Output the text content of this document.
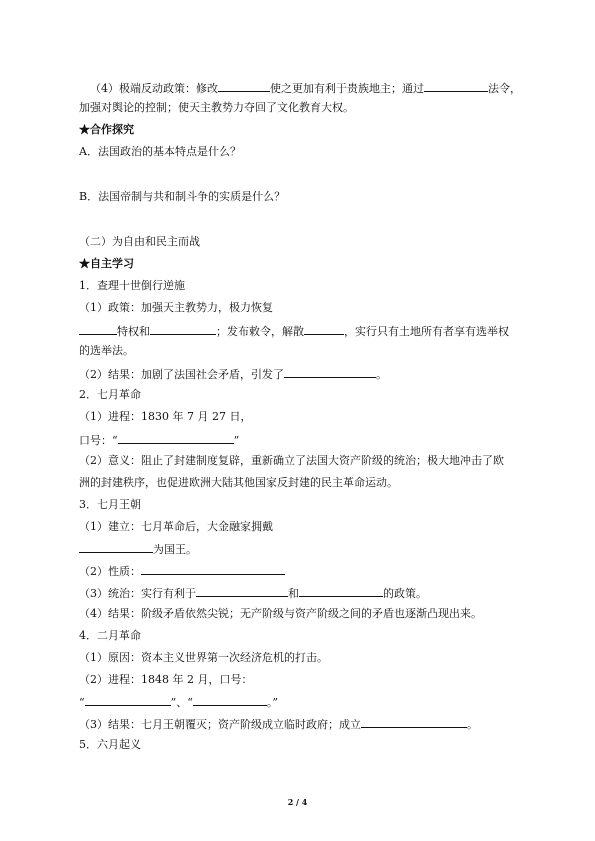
（4）极端反动政策：修改	使之更加有利于贵族地主；通过	法令，
加强对舆论的控制；使天主教势力夺回了文化教育大权。
★合作探究
A．法国政治的基本特点是什么？
B．法国帝制与共和制斗争的实质是什么？
（二）为自由和民主而战
★自主学习
1．查理十世倒行逆施
（1）政策：加强天主教势力，极力恢复
特权和	；发布敕令，解散	，实行只有土地所有者享有选举权
的选举法。
（2）结果：加剧了法国社会矛盾，引发了	。
2．七月革命
（1）进程：1830 年 7 月 27 日，
口号：“	”
（2）意义：阻止了封建制度复辟，重新确立了法国大资产阶级的统治；极大地冲击了欧
洲的封建秩序，也促进欧洲大陆其他国家反封建的民主革命运动。
3．七月王朝
（1）建立：七月革命后，大金融家拥戴
为国王。
（2）性质：
（3）统治：实行有利于	和	的政策。
（4）结果：阶级矛盾依然尖锐；无产阶级与资产阶级之间的矛盾也逐渐凸现出来。
4．二月革命
（1）原因：资本主义世界第一次经济危机的打击。
（2）进程：1848 年 2 月，口号：
“	”、“	。”
（3）结果：七月王朝覆灭；资产阶级成立临时政府；成立	。
5．六月起义
2 / 4
